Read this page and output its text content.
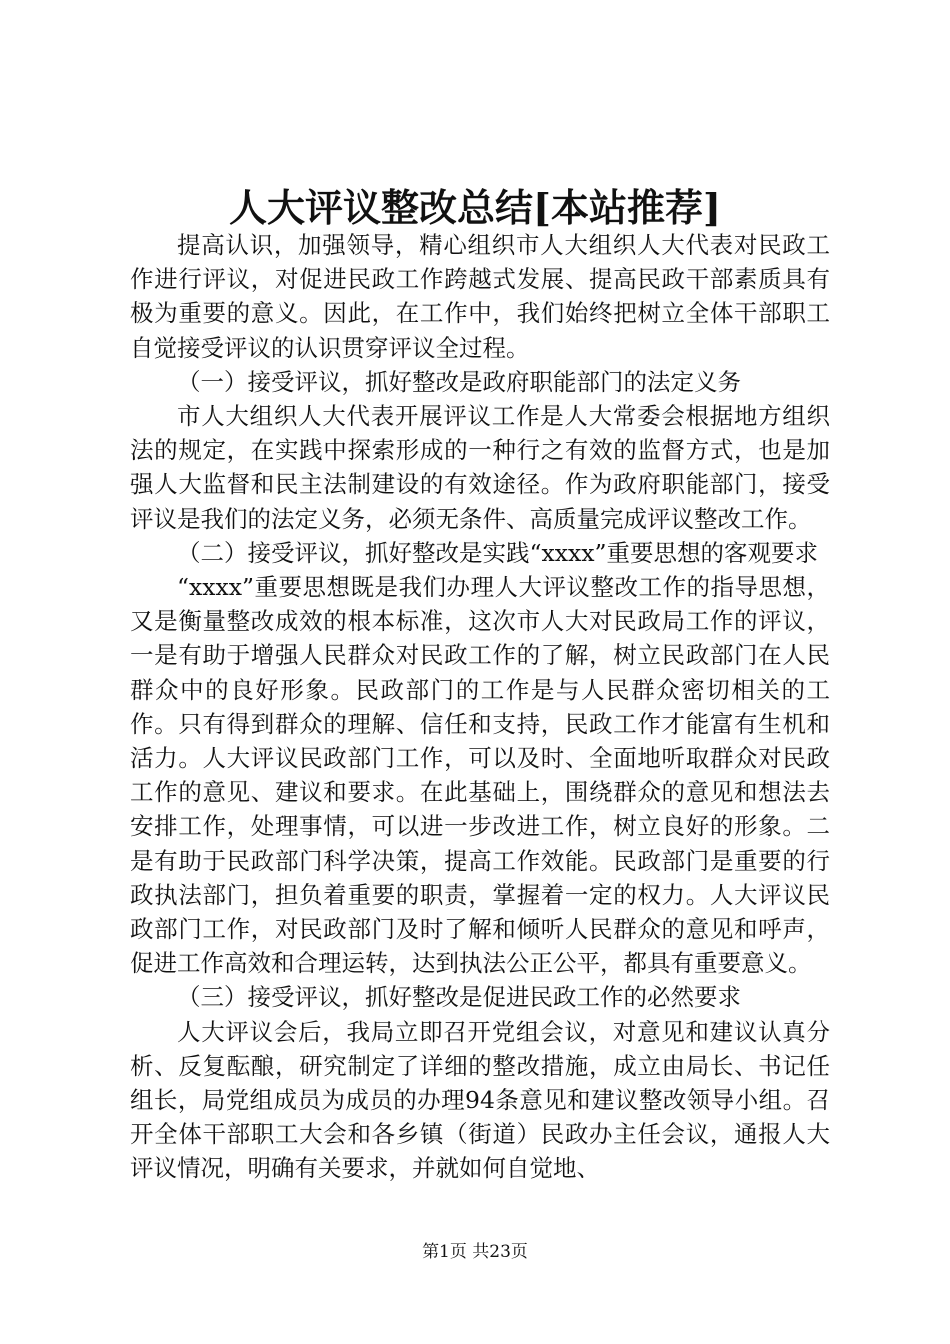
人大评议整改总结[本站推荐]

提高认识，加强领导，精心组织市人大组织人大代表对民政工作进行评议，对促进民政工作跨越式发展、提高民政干部素质具有极为重要的意义。因此，在工作中，我们始终把树立全体干部职工自觉接受评议的认识贯穿评议全过程。

（一）接受评议，抓好整改是政府职能部门的法定义务

市人大组织人大代表开展评议工作是人大常委会根据地方组织法的规定，在实践中探索形成的一种行之有效的监督方式，也是加强人大监督和民主法制建设的有效途径。作为政府职能部门，接受评议是我们的法定义务，必须无条件、高质量完成评议整改工作。

（二）接受评议，抓好整改是实践“xxxx”重要思想的客观要求

“xxxx”重要思想既是我们办理人大评议整改工作的指导思想，又是衡量整改成效的根本标准，这次市人大对民政局工作的评议，一是有助于增强人民群众对民政工作的了解，树立民政部门在人民群众中的良好形象。民政部门的工作是与人民群众密切相关的工作。只有得到群众的理解、信任和支持，民政工作才能富有生机和活力。人大评议民政部门工作，可以及时、全面地听取群众对民政工作的意见、建议和要求。在此基础上，围绕群众的意见和想法去安排工作，处理事情，可以进一步改进工作，树立良好的形象。二是有助于民政部门科学决策，提高工作效能。民政部门是重要的行政执法部门，担负着重要的职责，掌握着一定的权力。人大评议民政部门工作，对民政部门及时了解和倾听人民群众的意见和呼声，促进工作高效和合理运转，达到执法公正公平，都具有重要意义。

（三）接受评议，抓好整改是促进民政工作的必然要求

人大评议会后，我局立即召开党组会议，对意见和建议认真分析、反复酝酿，研究制定了详细的整改措施，成立由局长、书记任组长，局党组成员为成员的办理94条意见和建议整改领导小组。召开全体干部职工大会和各乡镇（街道）民政办主任会议，通报人大评议情况，明确有关要求，并就如何自觉地、

第1页 共23页
